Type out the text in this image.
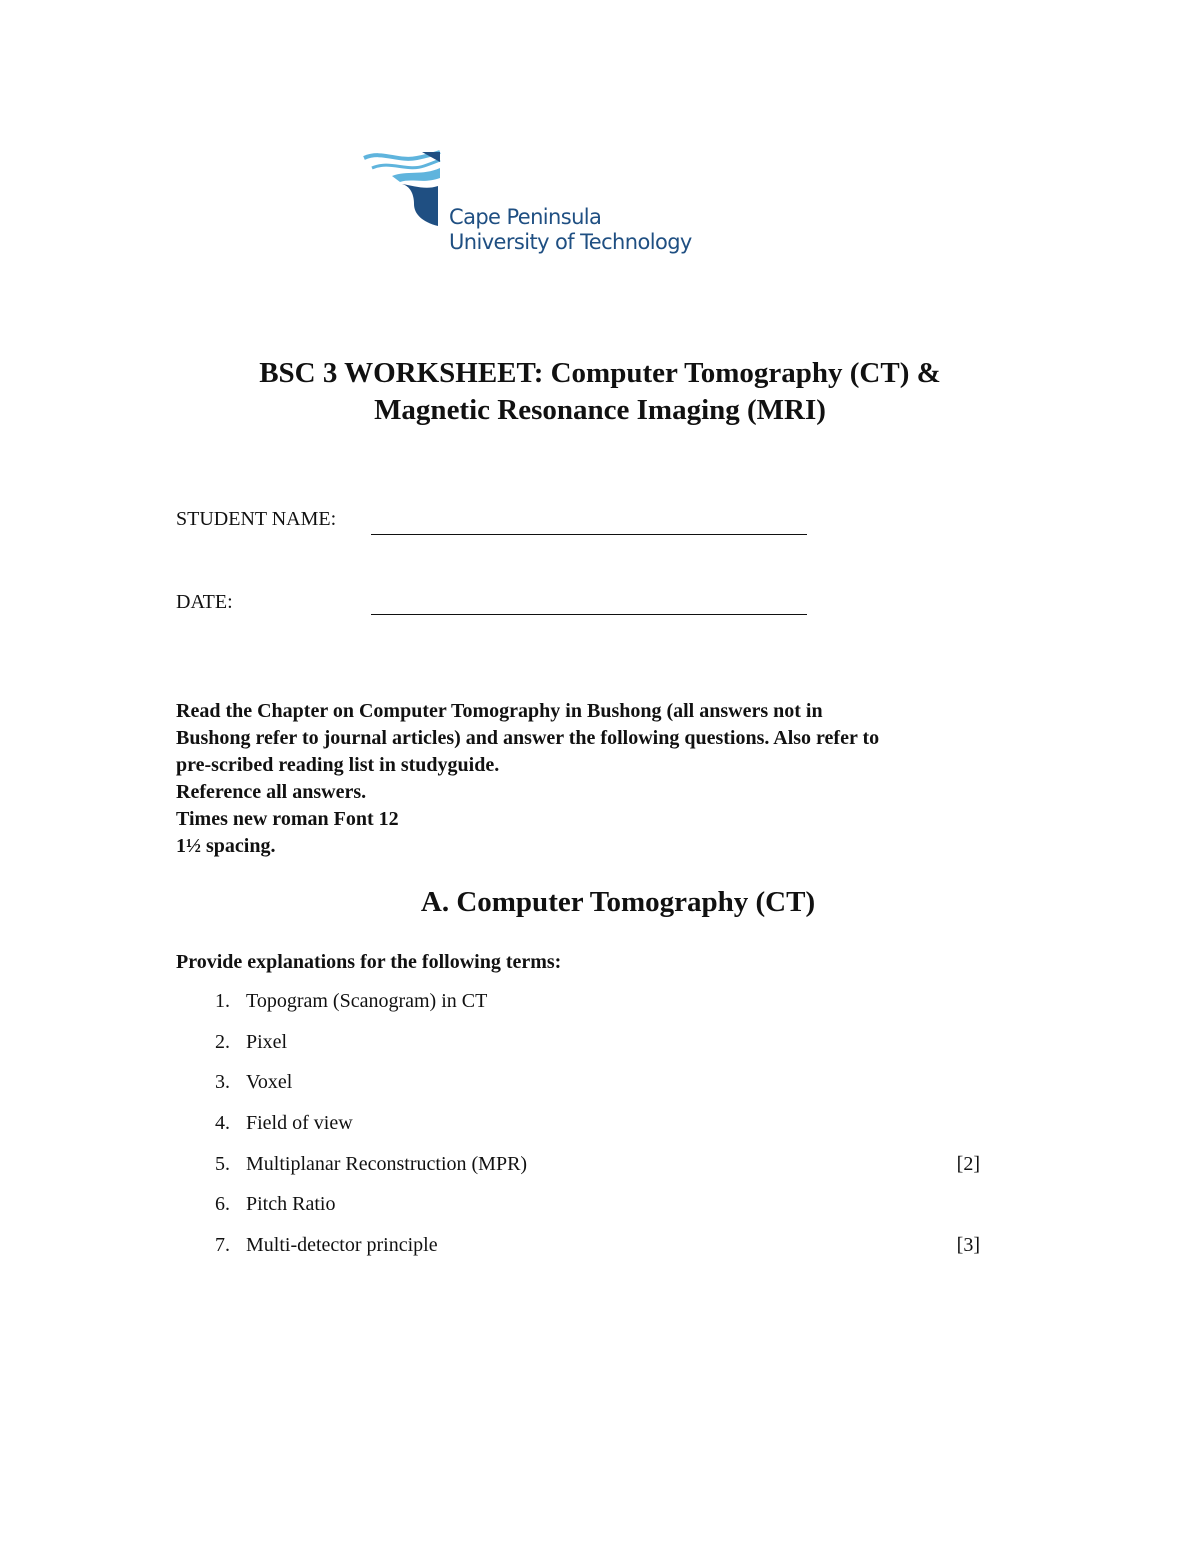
Cape Peninsula
University of Technology
BSC 3 WORKSHEET: Computer Tomography (CT) &
Magnetic Resonance Imaging (MRI)
STUDENT NAME:
DATE:
Read the Chapter on Computer Tomography in Bushong (all answers not in
Bushong refer to journal articles) and answer the following questions. Also refer to
pre-scribed reading list in studyguide.
Reference all answers.
Times new roman Font 12
1½ spacing.
A. Computer Tomography (CT)
Provide explanations for the following terms:
1. Topogram (Scanogram) in CT
2. Pixel
3. Voxel
4. Field of view
5. Multiplanar Reconstruction (MPR)	[2]
6. Pitch Ratio
7. Multi-detector principle	[3]
